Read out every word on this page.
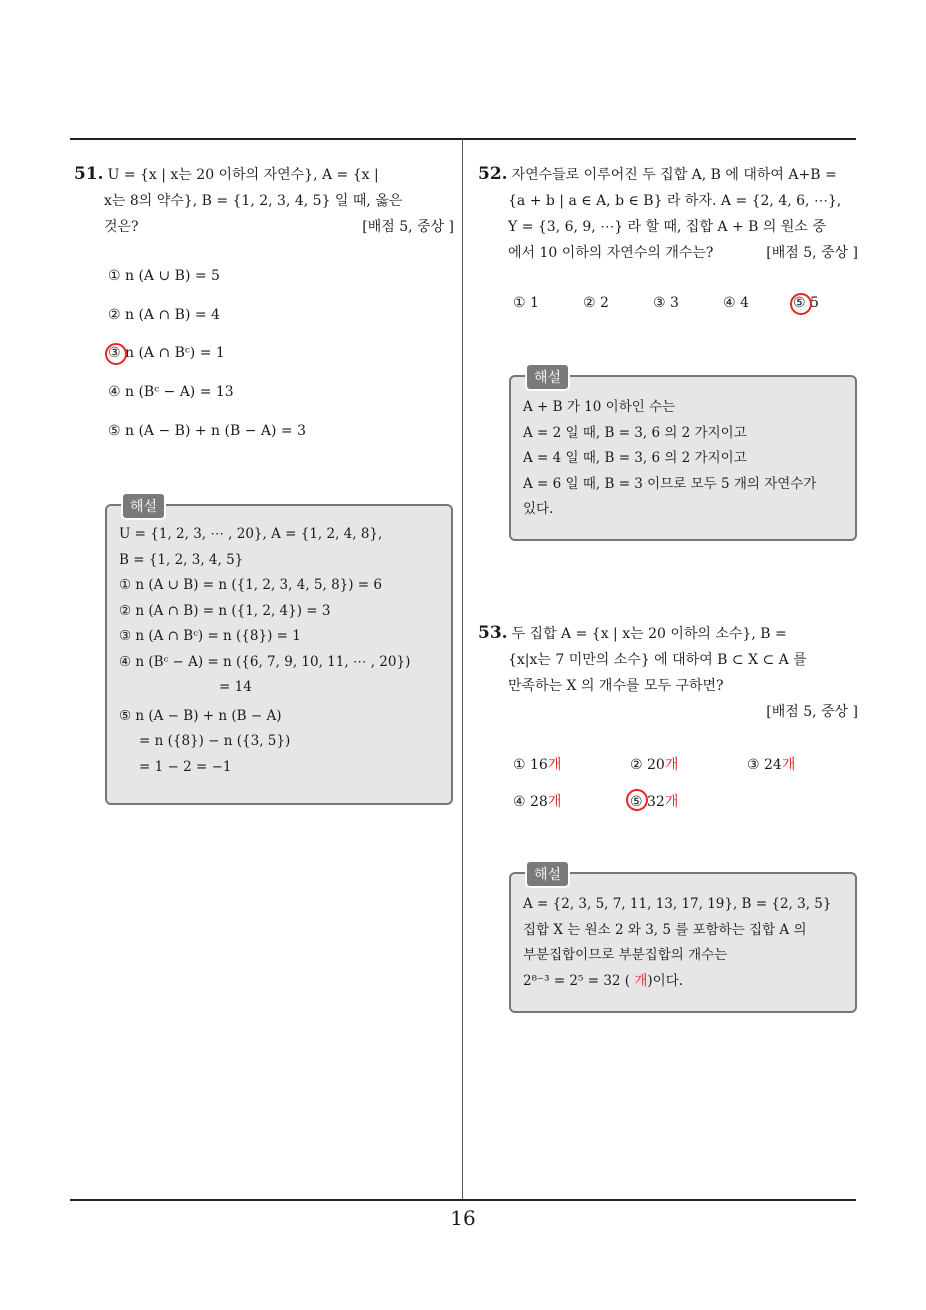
51. U = {x | x는 20 이하의 자연수}, A = {x |
x는 8의 약수}, B = {1, 2, 3, 4, 5} 일 때, 옳은

것은?	[배점 5, 중상 ]
① n (A ∪ B) = 5
② n (A ∩ B) = 4
③ n (A ∩ Bᶜ) = 1
④ n (Bᶜ − A) = 13
⑤ n (A − B) + n (B − A) = 3
해설
U = {1, 2, 3, ⋯ , 20}, A = {1, 2, 4, 8},
B = {1, 2, 3, 4, 5}
① n (A ∪ B) = n ({1, 2, 3, 4, 5, 8}) = 6
② n (A ∩ B) = n ({1, 2, 4}) = 3
③ n (A ∩ Bᶜ) = n ({8}) = 1
④ n (Bᶜ − A) = n ({6, 7, 9, 10, 11, ⋯ , 20})
= 14
⑤ n (A − B) + n (B − A)
= n ({8}) − n ({3, 5})
= 1 − 2 = −1
52. 자연수들로 이루어진 두 집합 A, B 에 대하여 A+B =
{a + b | a ∈ A, b ∈ B} 라 하자. A = {2, 4, 6, ⋯},
Y = {3, 6, 9, ⋯} 라 할 때, 집합 A + B 의 원소 중

에서 10 이하의 자연수의 개수는?	[배점 5, 중상 ]
① 1	② 2	③ 3	④ 4	⑤ 5
해설
A + B 가 10 이하인 수는
A = 2 일 때, B = 3, 6 의 2 가지이고
A = 4 일 때, B = 3, 6 의 2 가지이고
A = 6 일 때, B = 3 이므로 모두 5 개의 자연수가
있다.
53. 두 집합 A = {x | x는 20 이하의 소수}, B =
{x|x는 7 미만의 소수} 에 대하여 B ⊂ X ⊂ A 를
만족하는 X 의 개수를 모두 구하면?
[배점 5, 중상 ]
① 16개	② 20개	③ 24개
④ 28개	⑤ 32개
해설
A = {2, 3, 5, 7, 11, 13, 17, 19}, B = {2, 3, 5}
집합 X 는 원소 2 와 3, 5 를 포함하는 집합 A 의
부분집합이므로 부분집합의 개수는
2⁸⁻³ = 2⁵ = 32 ( 개)이다.
16
